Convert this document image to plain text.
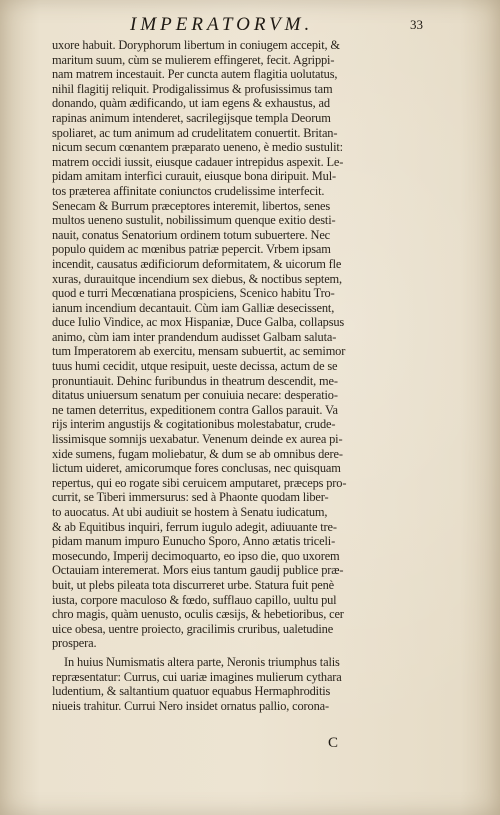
IMPERATORVM.	33
uxore habuit. Doryphorum libertum in coniugem accepit, &
maritum suum, cùm se mulierem effingeret, fecit. Agrippi-
nam matrem incestauit. Per cuncta autem flagitia uolutatus,
nihil flagitij reliquit. Prodigalissimus & profusissimus tam
donando, quàm ædificando, ut iam egens & exhaustus, ad
rapinas animum intenderet, sacrilegijsque templa Deorum
spoliaret, ac tum animum ad crudelitatem conuertit. Britan-
nicum secum cœnantem præparato ueneno, è medio sustulit:
matrem occidi iussit, eiusque cadauer intrepidus aspexit. Le-
pidam amitam interfici curauit, eiusque bona diripuit. Mul-
tos præterea affinitate coniunctos crudelissime interfecit.
Senecam & Burrum præceptores interemit, libertos, senes
multos ueneno sustulit, nobilissimum quenque exitio desti-
nauit, conatus Senatorium ordinem totum subuertere. Nec
populo quidem ac mœnibus patriæ pepercit. Vrbem ipsam
incendit, causatus ædificiorum deformitatem, & uicorum fle
xuras, durauitque incendium sex diebus, & noctibus septem,
quod e turri Mecœnatiana prospiciens, Scenico habitu Tro-
ianum incendium decantauit. Cùm iam Galliæ desecissent,
duce Iulio Vindice, ac mox Hispaniæ, Duce Galba, collapsus
animo, cùm iam inter prandendum audisset Galbam saluta-
tum Imperatorem ab exercitu, mensam subuertit, ac semimor
tuus humi cecidit, utque resipuit, ueste decissa, actum de se
pronuntiauit. Dehinc furibundus in theatrum descendit, me-
ditatus uniuersum senatum per conuiuia necare: desperatio-
ne tamen deterritus, expeditionem contra Gallos parauit. Va
rijs interim angustijs & cogitationibus molestabatur, crude-
lissimisque somnijs uexabatur. Venenum deinde ex aurea pi-
xide sumens, fugam moliebatur, & dum se ab omnibus dere-
lictum uideret, amicorumque fores conclusas, nec quisquam
repertus, qui eo rogate sibi ceruicem amputaret, præceps pro-
currit, se Tiberi immersurus: sed à Phaonte quodam liber-
to auocatus. At ubi audiuit se hostem à Senatu iudicatum,
& ab Equitibus inquiri, ferrum iugulo adegit, adiuuante tre-
pidam manum impuro Eunucho Sporo, Anno ætatis triceli-
mosecundo, Imperij decimoquarto, eo ipso die, quo uxorem
Octauiam interemerat. Mors eius tantum gaudij publice præ-
buit, ut plebs pileata tota discurreret urbe. Statura fuit penè
iusta, corpore maculoso & fœdo, sufflauo capillo, uultu pul
chro magis, quàm uenusto, oculis cæsijs, & hebetioribus, cer
uice obesa, uentre proiecto, gracilimis cruribus, ualetudine
prospera.
In huius Numismatis altera parte, Neronis triumphus talis
repræsentatur: Currus, cui uariæ imagines mulierum cythara
ludentium, & saltantium quatuor equabus Hermaphroditis
niueis trahitur. Currui Nero insidet ornatus pallio, corona-
C
